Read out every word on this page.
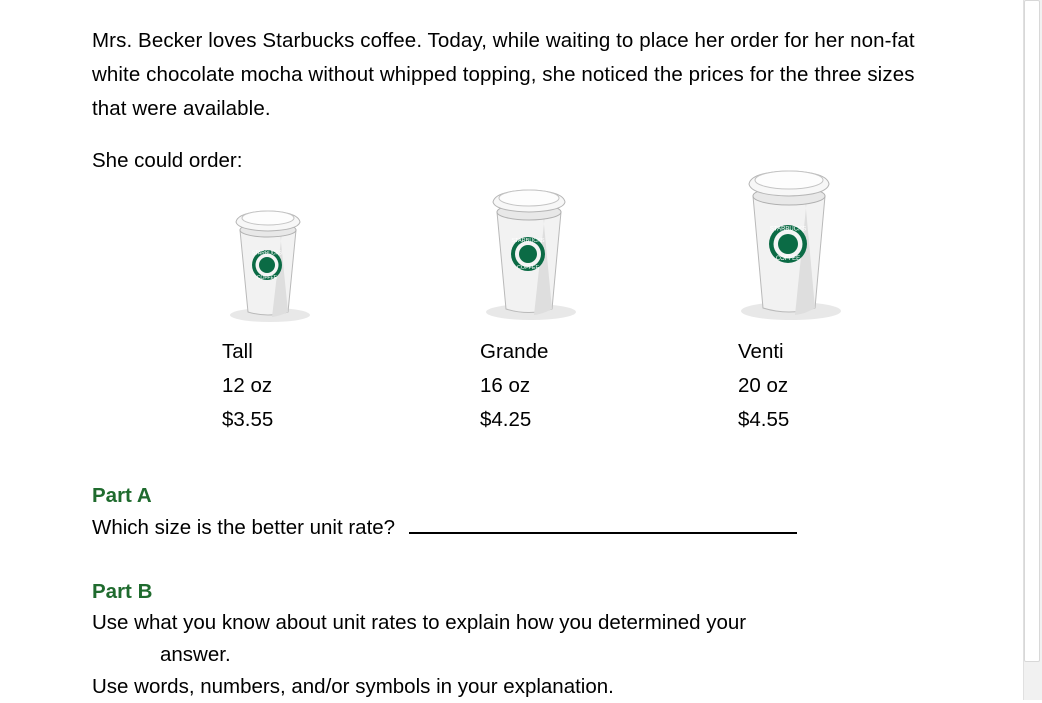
Mrs. Becker loves Starbucks coffee. Today, while waiting to place her order for her non-fat white chocolate mocha without whipped topping, she noticed the prices for the three sizes that were available.

She could order:

STARBUCKS
COFFEE
STARBUCKS
COFFEE
STARBUCKS
COFFEE
Tall
12 oz
$3.55
Grande
16 oz
$4.25
Venti
20 oz
$4.55

Part A

Which size is the better unit rate?

Part B

Use what you know about unit rates to explain how you determined your

answer.

Use words, numbers, and/or symbols in your explanation.
